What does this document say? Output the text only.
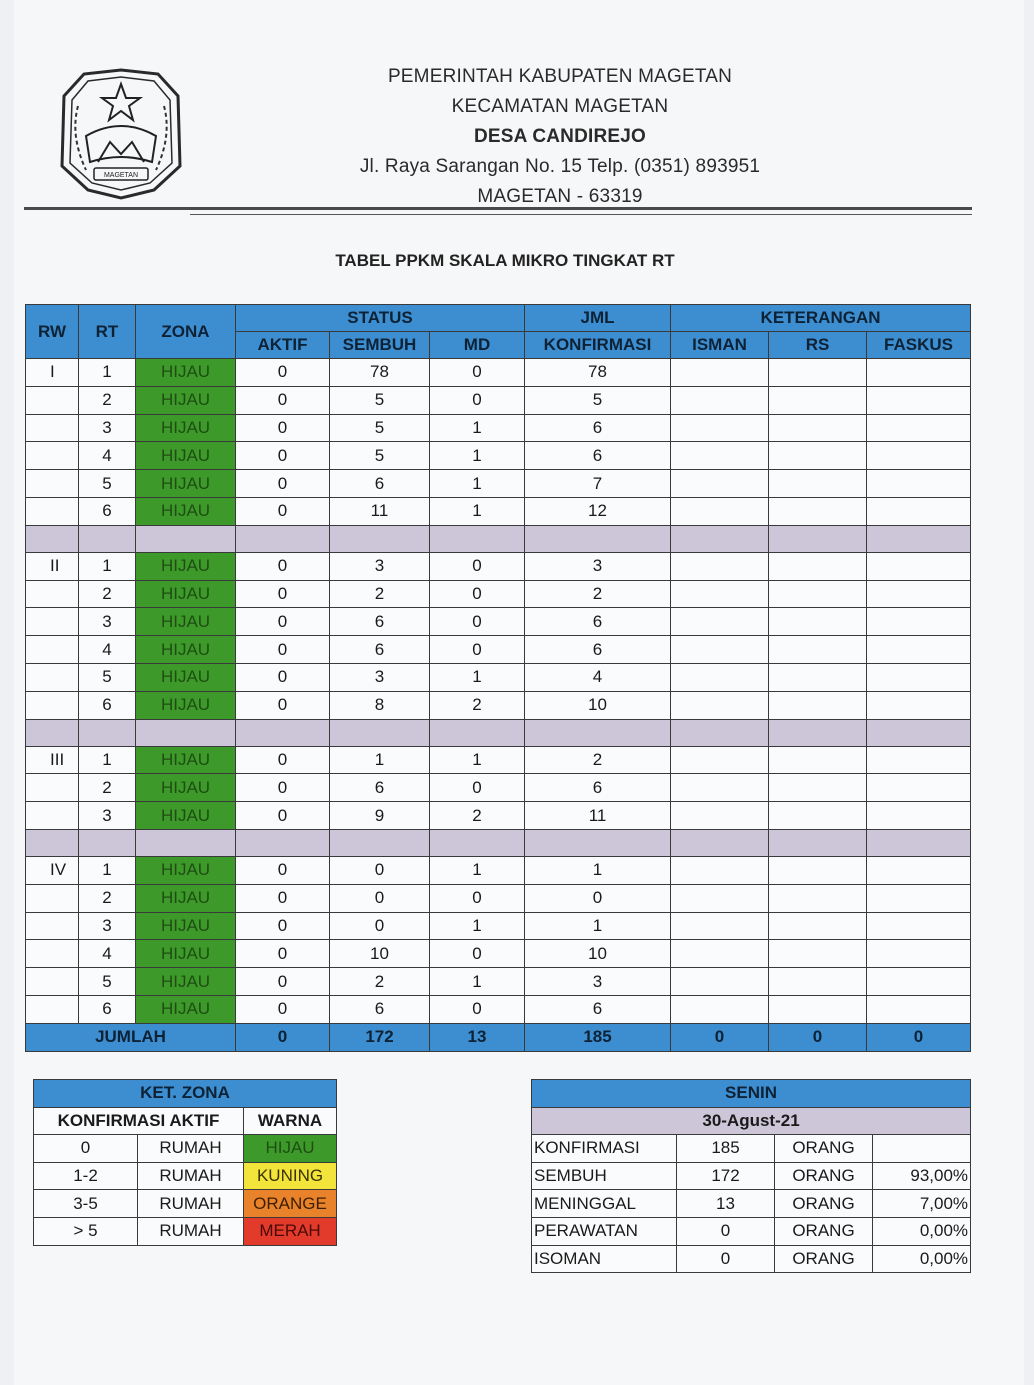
MAGETAN
PEMERINTAH KABUPATEN MAGETAN
KECAMATAN MAGETAN
DESA CANDIREJO
Jl. Raya Sarangan No. 15 Telp. (0351) 893951
MAGETAN - 63319
TABEL PPKM SKALA MIKRO TINGKAT RT
RW	RT	ZONA	STATUS			JML	KETERANGAN		
			AKTIF	SEMBUH	MD	KONFIRMASI	ISMAN	RS	FASKUS
I	1	HIJAU	0	78	0	78			
	2	HIJAU	0	5	0	5			
	3	HIJAU	0	5	1	6			
	4	HIJAU	0	5	1	6			
	5	HIJAU	0	6	1	7			
	6	HIJAU	0	11	1	12			

II	1	HIJAU	0	3	0	3			
	2	HIJAU	0	2	0	2			
	3	HIJAU	0	6	0	6			
	4	HIJAU	0	6	0	6			
	5	HIJAU	0	3	1	4			
	6	HIJAU	0	8	2	10			

III	1	HIJAU	0	1	1	2			
	2	HIJAU	0	6	0	6			
	3	HIJAU	0	9	2	11			

IV	1	HIJAU	0	0	1	1			
	2	HIJAU	0	0	0	0			
	3	HIJAU	0	0	1	1			
	4	HIJAU	0	10	0	10			
	5	HIJAU	0	2	1	3			
	6	HIJAU	0	6	0	6			
JUMLAH			0	172	13	185	0	0	0
KET. ZONA		
KONFIRMASI AKTIF		WARNA
0	RUMAH	HIJAU
1-2	RUMAH	KUNING
3-5	RUMAH	ORANGE
> 5	RUMAH	MERAH
SENIN			
30-Agust-21			
KONFIRMASI	185	ORANG	
SEMBUH	172	ORANG	93,00%
MENINGGAL	13	ORANG	7,00%
PERAWATAN	0	ORANG	0,00%
ISOMAN	0	ORANG	0,00%
